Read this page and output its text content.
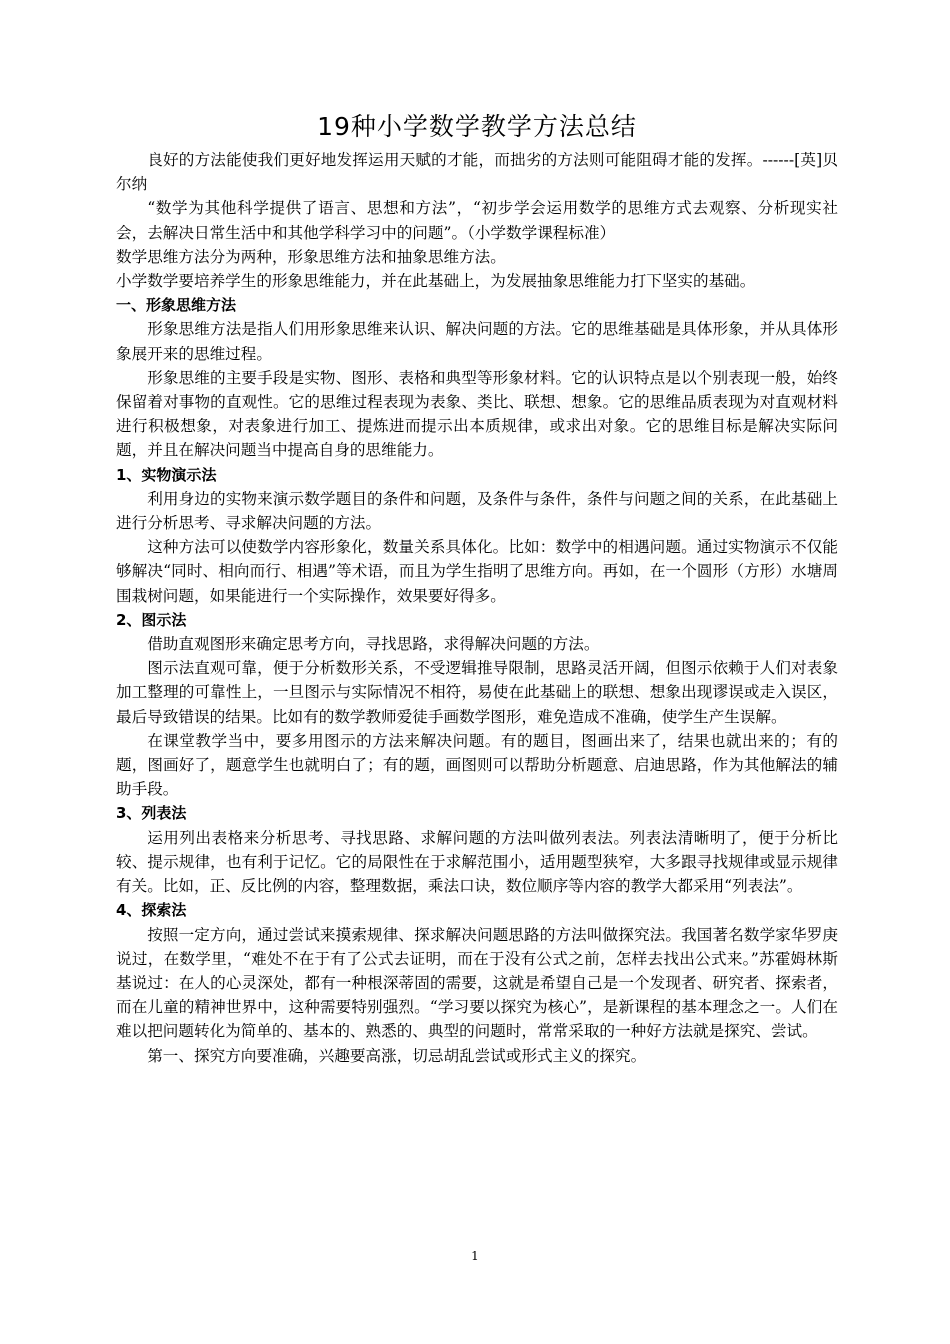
19种小学数学教学方法总结

良好的方法能使我们更好地发挥运用天赋的才能，而拙劣的方法则可能阻碍才能的发挥。------[英]贝尔纳

“数学为其他科学提供了语言、思想和方法”，“初步学会运用数学的思维方式去观察、分析现实社会，去解决日常生活中和其他学科学习中的问题”。（小学数学课程标准）

数学思维方法分为两种，形象思维方法和抽象思维方法。

小学数学要培养学生的形象思维能力，并在此基础上，为发展抽象思维能力打下坚实的基础。

一、形象思维方法

形象思维方法是指人们用形象思维来认识、解决问题的方法。它的思维基础是具体形象，并从具体形象展开来的思维过程。

形象思维的主要手段是实物、图形、表格和典型等形象材料。它的认识特点是以个别表现一般，始终保留着对事物的直观性。它的思维过程表现为表象、类比、联想、想象。它的思维品质表现为对直观材料进行积极想象，对表象进行加工、提炼进而提示出本质规律，或求出对象。它的思维目标是解决实际问题，并且在解决问题当中提高自身的思维能力。

1、实物演示法

利用身边的实物来演示数学题目的条件和问题，及条件与条件，条件与问题之间的关系，在此基础上进行分析思考、寻求解决问题的方法。

这种方法可以使数学内容形象化，数量关系具体化。比如：数学中的相遇问题。通过实物演示不仅能够解决“同时、相向而行、相遇”等术语，而且为学生指明了思维方向。再如，在一个圆形（方形）水塘周围栽树问题，如果能进行一个实际操作，效果要好得多。

2、图示法

借助直观图形来确定思考方向，寻找思路，求得解决问题的方法。

图示法直观可靠，便于分析数形关系，不受逻辑推导限制，思路灵活开阔，但图示依赖于人们对表象加工整理的可靠性上，一旦图示与实际情况不相符，易使在此基础上的联想、想象出现谬误或走入误区，最后导致错误的结果。比如有的数学教师爱徒手画数学图形，难免造成不准确，使学生产生误解。

在课堂教学当中，要多用图示的方法来解决问题。有的题目，图画出来了，结果也就出来的；有的题，图画好了，题意学生也就明白了；有的题，画图则可以帮助分析题意、启迪思路，作为其他解法的辅助手段。

3、列表法

运用列出表格来分析思考、寻找思路、求解问题的方法叫做列表法。列表法清晰明了，便于分析比较、提示规律，也有利于记忆。它的局限性在于求解范围小，适用题型狭窄，大多跟寻找规律或显示规律有关。比如，正、反比例的内容，整理数据，乘法口诀，数位顺序等内容的教学大都采用“列表法”。

4、探索法

按照一定方向，通过尝试来摸索规律、探求解决问题思路的方法叫做探究法。我国著名数学家华罗庚说过，在数学里，“难处不在于有了公式去证明，而在于没有公式之前，怎样去找出公式来。”苏霍姆林斯基说过：在人的心灵深处，都有一种根深蒂固的需要，这就是希望自己是一个发现者、研究者、探索者，而在儿童的精神世界中，这种需要特别强烈。“学习要以探究为核心”，是新课程的基本理念之一。人们在难以把问题转化为简单的、基本的、熟悉的、典型的问题时，常常采取的一种好方法就是探究、尝试。

第一、探究方向要准确，兴趣要高涨，切忌胡乱尝试或形式主义的探究。

1
